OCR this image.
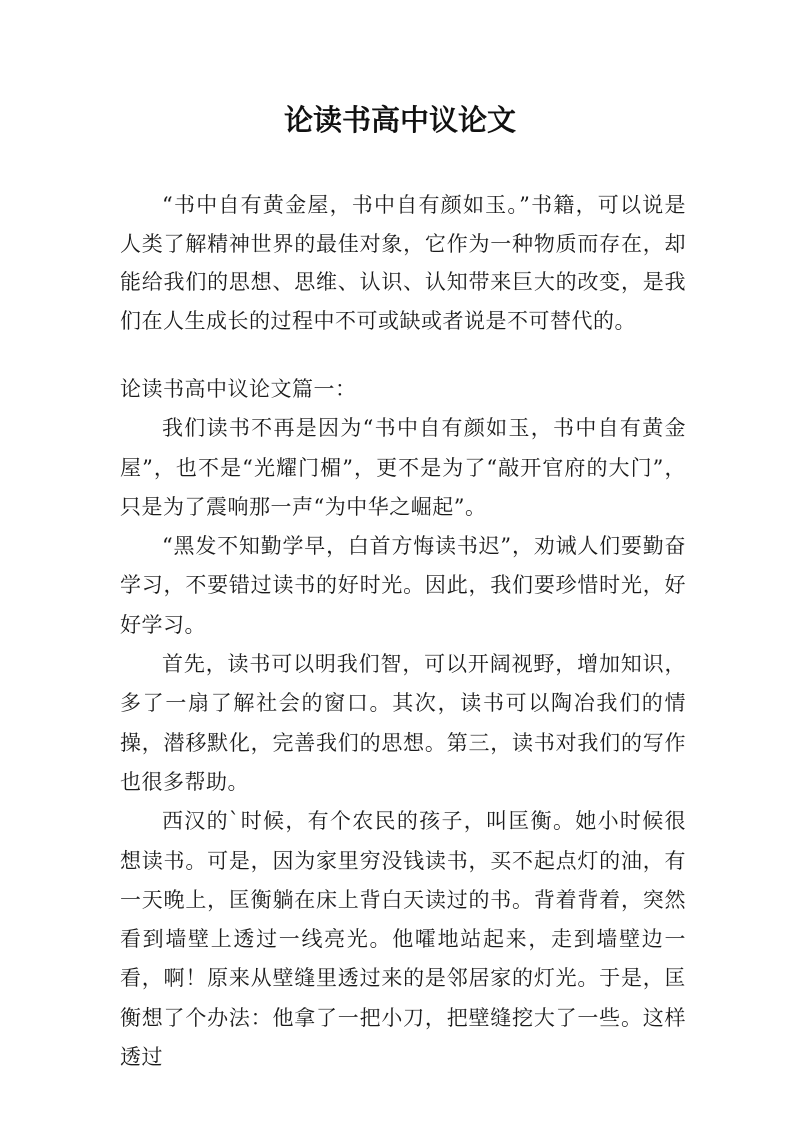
论读书高中议论文

“书中自有黄金屋，书中自有颜如玉。”书籍，可以说是人类了解精神世界的最佳对象，它作为一种物质而存在，却能给我们的思想、思维、认识、认知带来巨大的改变，是我们在人生成长的过程中不可或缺或者说是不可替代的。

论读书高中议论文篇一：

我们读书不再是因为“书中自有颜如玉，书中自有黄金屋”，也不是“光耀门楣”，更不是为了“敲开官府的大门”，只是为了震响那一声“为中华之崛起”。

“黑发不知勤学早，白首方悔读书迟”，劝诫人们要勤奋学习，不要错过读书的好时光。因此，我们要珍惜时光，好好学习。

首先，读书可以明我们智，可以开阔视野，增加知识，多了一扇了解社会的窗口。其次，读书可以陶冶我们的情操，潜移默化，完善我们的思想。第三，读书对我们的写作也很多帮助。

西汉的`时候，有个农民的孩子，叫匡衡。她小时候很想读书。可是，因为家里穷没钱读书，买不起点灯的油，有一天晚上，匡衡躺在床上背白天读过的书。背着背着，突然看到墙壁上透过一线亮光。他嚯地站起来，走到墙壁边一看，啊！原来从壁缝里透过来的是邻居家的灯光。于是，匡衡想了个办法：他拿了一把小刀，把壁缝挖大了一些。这样透过
